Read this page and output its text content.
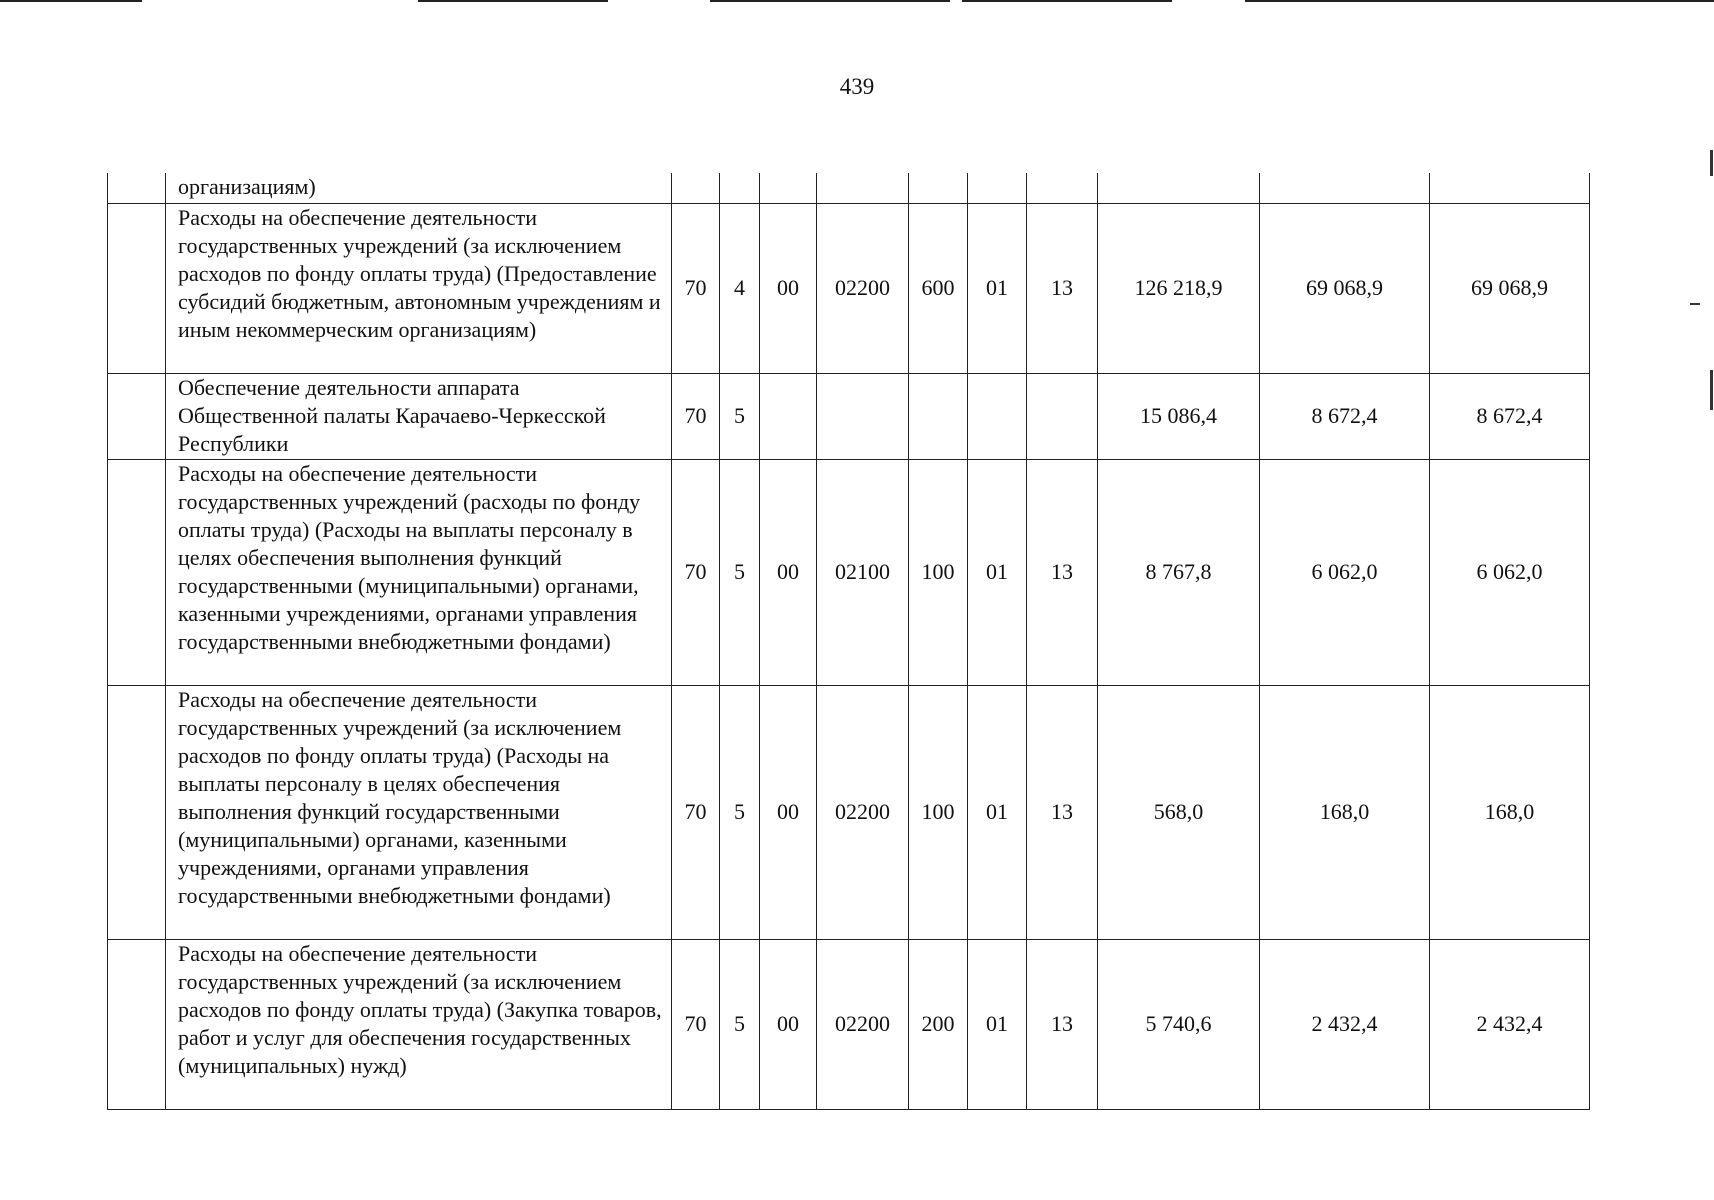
439
	организациям)										
	Расходы на обеспечение деятельности государственных учреждений (за исключением расходов по фонду оплаты труда) (Предоставление субсидий бюджетным, автономным учреждениям и иным некоммерческим организациям)	70	4	00	02200	600	01	13	126 218,9	69 068,9	69 068,9
	Обеспечение деятельности аппарата Общественной палаты Карачаево-Черкесской Республики	70	5						15 086,4	8 672,4	8 672,4
	Расходы на обеспечение деятельности государственных учреждений (расходы по фонду оплаты труда) (Расходы на выплаты персоналу в целях обеспечения выполнения функций государственными (муниципальными) органами, казенными учреждениями, органами управления государственными внебюджетными фондами)	70	5	00	02100	100	01	13	8 767,8	6 062,0	6 062,0
	Расходы на обеспечение деятельности государственных учреждений (за исключением расходов по фонду оплаты труда) (Расходы на выплаты персоналу в целях обеспечения выполнения функций государственными (муниципальными) органами, казенными учреждениями, органами управления государственными внебюджетными фондами)	70	5	00	02200	100	01	13	568,0	168,0	168,0
	Расходы на обеспечение деятельности государственных учреждений (за исключением расходов по фонду оплаты труда) (Закупка товаров, работ и услуг для обеспечения государственных (муниципальных) нужд)	70	5	00	02200	200	01	13	5 740,6	2 432,4	2 432,4
